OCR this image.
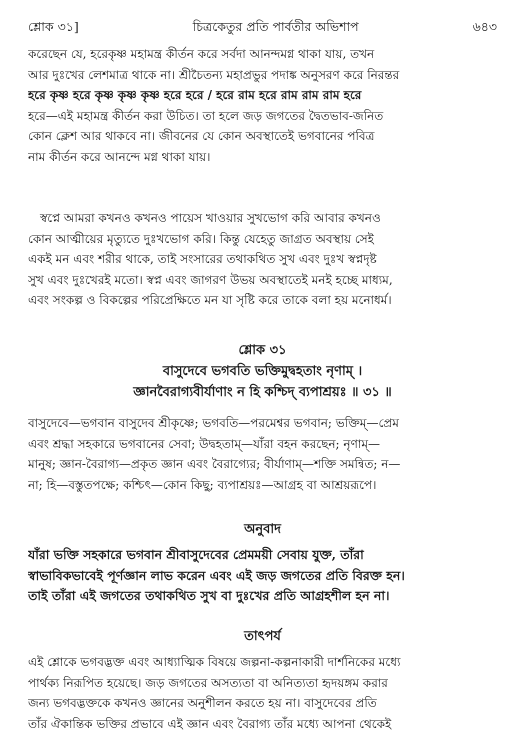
শ্লোক ৩১]	চিত্রকেতুর প্রতি পার্বতীর অভিশাপ	৬৪৩
করেছেন যে, হরেকৃষ্ণ মহামন্ত্র কীর্তন করে সর্বদা আনন্দমগ্ন থাকা যায়, তখন
আর দুঃখের লেশমাত্র থাকে না। শ্রীচৈতন্য মহাপ্রভুর পদাঙ্ক অনুসরণ করে নিরন্তর
হরে কৃষ্ণ হরে কৃষ্ণ কৃষ্ণ কৃষ্ণ হরে হরে / হরে রাম হরে রাম রাম রাম হরে
হরে—এই মহামন্ত্র কীর্তন করা উচিত। তা হলে জড় জগতের দ্বৈতভাব-জনিত
কোন ক্লেশ আর থাকবে না। জীবনের যে কোন অবস্থাতেই ভগবানের পবিত্র
নাম কীর্তন করে আনন্দে মগ্ন থাকা যায়।
স্বপ্নে আমরা কখনও কখনও পায়েস খাওয়ার সুখভোগ করি আবার কখনও
কোন আত্মীয়ের মৃত্যুতে দুঃখভোগ করি। কিন্তু যেহেতু জাগ্রত অবস্থায় সেই
একই মন এবং শরীর থাকে, তাই সংসারের তথাকথিত সুখ এবং দুঃখ স্বপ্নদৃষ্ট
সুখ এবং দুঃখেরই মতো। স্বপ্ন এবং জাগরণ উভয় অবস্থাতেই মনই হচ্ছে মাধ্যম,
এবং সংকল্প ও বিকল্পের পরিপ্রেক্ষিতে মন যা সৃষ্টি করে তাকে বলা হয় মনোধর্ম।
শ্লোক ৩১
বাসুদেবে ভগবতি ভক্তিমুদ্বহতাং নৃণাম্ ।
জ্ঞানবৈরাগ্যবীর্যাণাং ন হি কশ্চিদ্ ব্যপাশ্রয়ঃ ॥ ৩১ ॥
বাসুদেবে—ভগবান বাসুদেব শ্রীকৃষ্ণে; ভগবতি—পরমেশ্বর ভগবান; ভক্তিম্—প্রেম
এবং শ্রদ্ধা সহকারে ভগবানের সেবা; উদ্বহতাম্—যাঁরা বহন করছেন; নৃণাম্—
মানুষ; জ্ঞান-বৈরাগ্য—প্রকৃত জ্ঞান এবং বৈরাগ্যের; বীর্যাণাম্—শক্তি সমন্বিত; ন—
না; হি—বস্তুতপক্ষে; কশ্চিৎ—কোন কিছু; ব্যপাশ্রয়ঃ—আগ্রহ বা আশ্রয়রূপে।
অনুবাদ
যাঁরা ভক্তি সহকারে ভগবান শ্রীবাসুদেবের প্রেমময়ী সেবায় যুক্ত, তাঁরা
স্বাভাবিকভাবেই পূর্ণজ্ঞান লাভ করেন এবং এই জড় জগতের প্রতি বিরক্ত হন।
তাই তাঁরা এই জগতের তথাকথিত সুখ বা দুঃখের প্রতি আগ্রহশীল হন না।
তাৎপর্য
এই শ্লোকে ভগবদ্ভক্ত এবং আধ্যাত্মিক বিষয়ে জল্পনা-কল্পনাকারী দার্শনিকের মধ্যে
পার্থক্য নিরূপিত হয়েছে। জড় জগতের অসত্যতা বা অনিত্যতা হৃদয়ঙ্গম করার
জন্য ভগবদ্ভক্তকে কখনও জ্ঞানের অনুশীলন করতে হয় না। বাসুদেবের প্রতি
তাঁর ঐকান্তিক ভক্তির প্রভাবে এই জ্ঞান এবং বৈরাগ্য তাঁর মধ্যে আপনা থেকেই
